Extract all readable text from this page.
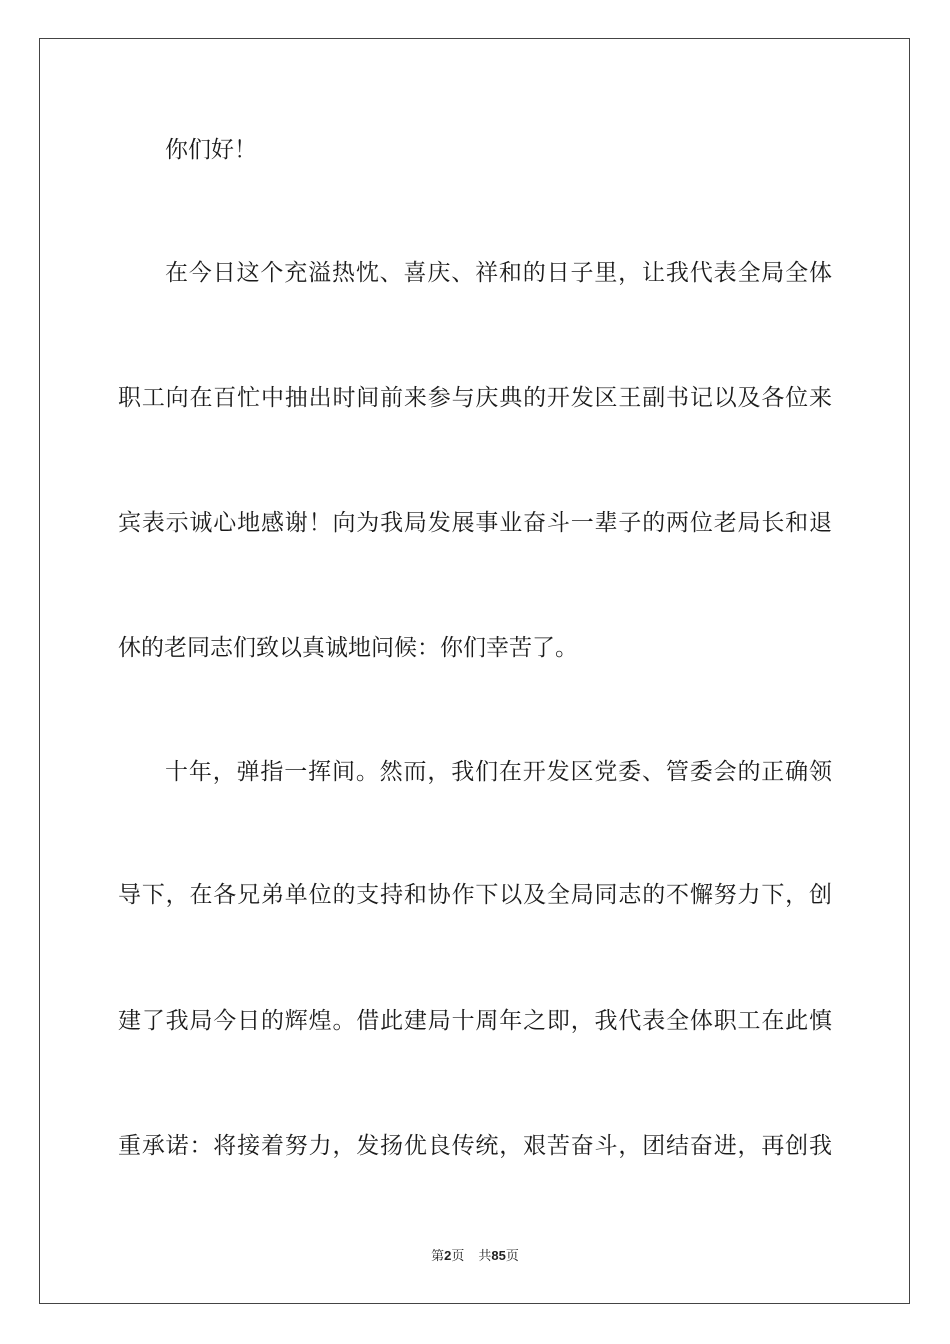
你们好！
在今日这个充溢热忱、喜庆、祥和的日子里，让我代表全局全体
职工向在百忙中抽出时间前来参与庆典的开发区王副书记以及各位来
宾表示诚心地感谢！向为我局发展事业奋斗一辈子的两位老局长和退
休的老同志们致以真诚地问候：你们幸苦了。
十年，弹指一挥间。然而，我们在开发区党委、管委会的正确领
导下，在各兄弟单位的支持和协作下以及全局同志的不懈努力下，创
建了我局今日的辉煌。借此建局十周年之即，我代表全体职工在此慎
重承诺：将接着努力，发扬优良传统，艰苦奋斗，团结奋进，再创我
第2页 共85页
